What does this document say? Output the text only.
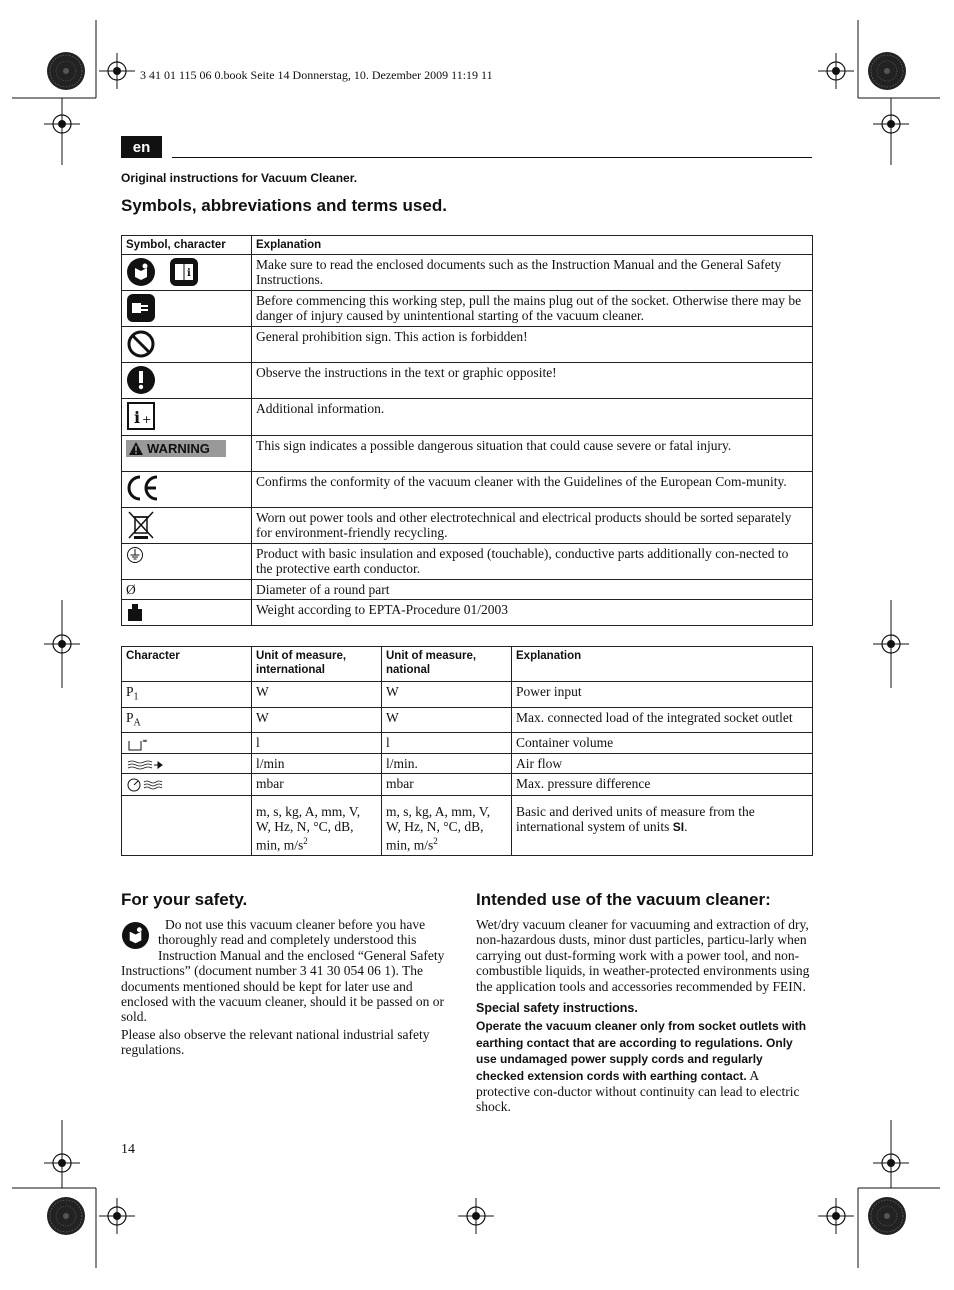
3 41 01 115 06 0.book Seite 14 Donnerstag, 10. Dezember 2009 11:19 11
en
Original instructions for Vacuum Cleaner.
Symbols, abbreviations and terms used.
Symbol, character	Explanation

i	Make sure to read the enclosed documents such as the Instruction Manual and the General Safety Instructions.
	Before commencing this working step, pull the mains plug out of the socket. Otherwise there may be danger of injury caused by unintentional starting of the vacuum cleaner.
	General prohibition sign. This action is forbidden!
	Observe the instructions in the text or graphic opposite!

i +	Additional information.

WARNING	This sign indicates a possible dangerous situation that could cause severe or fatal injury.
	Confirms the conformity of the vacuum cleaner with the Guidelines of the European Com-munity.
	Worn out power tools and other electrotechnical and electrical products should be sorted separately for environment-friendly recycling.
	Product with basic insulation and exposed (touchable), conductive parts additionally con-nected to the protective earth conductor.
Ø	Diameter of a round part
	Weight according to EPTA-Procedure 01/2003
Character	Unit of measure, international	Unit of measure, national	Explanation
$P_1$	W	W	Power input
$P_A$	W	W	Max. connected load of the integrated socket outlet

≖	l	l	Container volume
	l/min	l/min.	Air flow
	mbar	mbar	Max. pressure difference
	m, s, kg, A, mm, V, W, Hz, N, °C, dB, min, $m/s^2$	m, s, kg, A, mm, V, W, Hz, N, °C, dB, min, $m/s^2$	Basic and derived units of measure from the international system of units SI.
For your safety.

Do not use this vacuum cleaner before you have thoroughly read and completely understood this Instruction Manual and the enclosed “General Safety Instructions” (document number 3 41 30 054 06 1). The documents mentioned should be kept for later use and enclosed with the vacuum cleaner, should it be passed on or sold.

Please also observe the relevant national industrial safety regulations.

Intended use of the vacuum cleaner:

Wet/dry vacuum cleaner for vacuuming and extraction of dry, non-hazardous dusts, minor dust particles, particu-larly when carrying out dust-forming work with a power tool, and non-combustible liquids, in weather-protected environments using the application tools and accessories recommended by FEIN.

Special safety instructions.

Operate the vacuum cleaner only from socket outlets with earthing contact that are according to regulations. Only use undamaged power supply cords and regularly checked extension cords with earthing contact. A protective con-ductor without continuity can lead to electric shock.

14
